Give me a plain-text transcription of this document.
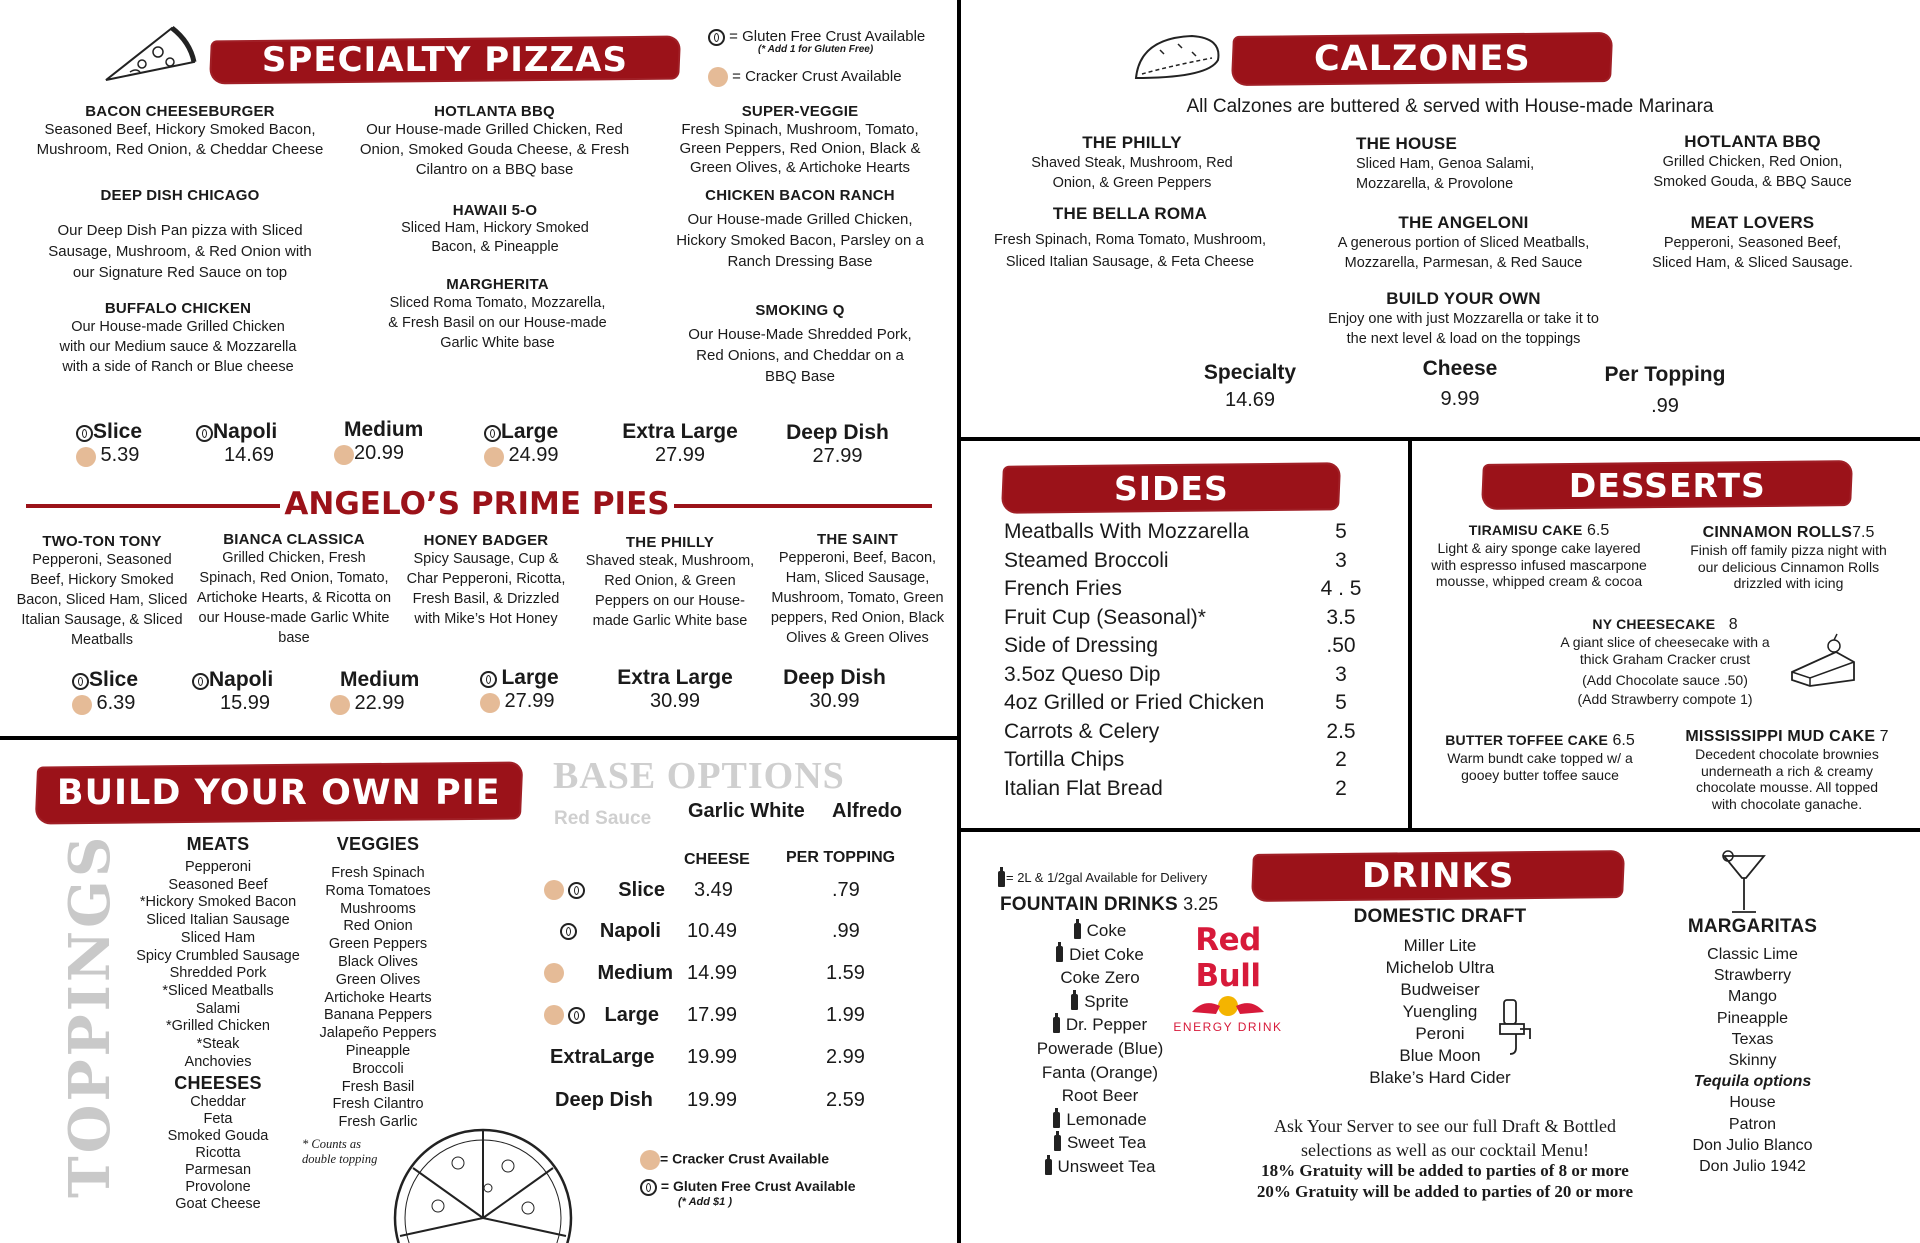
SPECIALTY PIZZAS
= Gluten Free Crust Available
(* Add 1 for Gluten Free)
= Cracker Crust Available
BACON CHEESEBURGER
Seasoned Beef, Hickory Smoked Bacon, Mushroom, Red Onion, & Cheddar Cheese
DEEP DISH CHICAGO
Our Deep Dish Pan pizza with Sliced Sausage, Mushroom, & Red Onion with our Signature Red Sauce on top
BUFFALO CHICKEN
Our House-made Grilled Chicken with our Medium sauce & Mozzarella with a side of Ranch or Blue cheese
HOTLANTA BBQ
Our House-made Grilled Chicken, Red Onion, Smoked Gouda Cheese, & Fresh Cilantro on a BBQ base
HAWAII 5-O
Sliced Ham, Hickory Smoked Bacon, & Pineapple
MARGHERITA
Sliced Roma Tomato, Mozzarella, & Fresh Basil on our House-made Garlic White base
SUPER-VEGGIE
Fresh Spinach, Mushroom, Tomato, Green Peppers, Red Onion, Black & Green Olives, & Artichoke Hearts
CHICKEN BACON RANCH
Our House-made Grilled Chicken, Hickory Smoked Bacon, Parsley on a Ranch Dressing Base
SMOKING Q
Our House-Made Shredded Pork, Red Onions, and Cheddar on a BBQ Base
Slice
5.39
Napoli
14.69
Medium
20.99
Large
24.99
Extra Large
27.99
Deep Dish
27.99
ANGELO’S PRIME PIES
TWO-TON TONY
Pepperoni, Seasoned Beef, Hickory Smoked Bacon, Sliced Ham, Sliced Italian Sausage, & Sliced Meatballs
BIANCA CLASSICA
Grilled Chicken, Fresh Spinach, Red Onion, Tomato, Artichoke Hearts, & Ricotta on our House-made Garlic White base
HONEY BADGER
Spicy Sausage, Cup & Char Pepperoni, Ricotta, Fresh Basil, & Drizzled with Mike’s Hot Honey
THE PHILLY
Shaved steak, Mushroom, Red Onion, & Green Peppers on our House-made Garlic White base
THE SAINT
Pepperoni, Beef, Bacon, Ham, Sliced Sausage, Mushroom, Tomato, Green peppers, Red Onion, Black Olives & Green Olives
Slice
6.39
Napoli
15.99
Medium
22.99
Large
27.99
Extra Large
30.99
Deep Dish
30.99
BUILD YOUR OWN PIE
TOPPINGS	MEATS
Pepperoni
Seasoned Beef
*Hickory Smoked Bacon
Sliced Italian Sausage
Sliced Ham
Spicy Crumbled Sausage
Shredded Pork
*Sliced Meatballs
Salami
*Grilled Chicken
*Steak
Anchovies
CHEESES
Cheddar
Feta
Smoked Gouda
Ricotta
Parmesan
Provolone
Goat Cheese
VEGGIES
Fresh Spinach
Roma Tomatoes
Mushrooms
Red Onion
Green Peppers
Black Olives
Green Olives
Artichoke Hearts
Banana Peppers
Jalapeño Peppers
Pineapple
Broccoli
Fresh Basil
Fresh Cilantro
Fresh Garlic
* Counts as double topping
BASE OPTIONS
Red Sauce Garlic White Alfredo
CHEESE PER TOPPING
Slice 3.49	.79
Napoli 10.49	.99
Medium 14.99	1.59
Large 17.99	1.99
ExtraLarge 19.99	2.99
Deep Dish 19.99	2.59
= Cracker Crust Available
= Gluten Free Crust Available
(* Add $1 )
CALZONES
All Calzones are buttered & served with House-made Marinara
THE PHILLY
Shaved Steak, Mushroom, Red Onion, & Green Peppers
THE BELLA ROMA
Fresh Spinach, Roma Tomato, Mushroom, Sliced Italian Sausage, & Feta Cheese
THE HOUSE
Sliced Ham, Genoa Salami, Mozzarella, & Provolone
THE ANGELONI
A generous portion of Sliced Meatballs, Mozzarella, Parmesan, & Red Sauce
BUILD YOUR OWN
Enjoy one with just Mozzarella or take it to the next level & load on the toppings
HOTLANTA BBQ
Grilled Chicken, Red Onion, Smoked Gouda, & BBQ Sauce
MEAT LOVERS
Pepperoni, Seasoned Beef, Sliced Ham, & Sliced Sausage.
Specialty
14.69
Cheese
9.99
Per Topping
.99
SIDES
Meatballs With Mozzarella	5
Steamed Broccoli	3
French Fries	4 . 5
Fruit Cup (Seasonal)*	3.5
Side of Dressing	.50
3.5oz Queso Dip	3
4oz Grilled or Fried Chicken	5
Carrots & Celery	2.5
Tortilla Chips	2
Italian Flat Bread	2
DESSERTS
TIRAMISU CAKE 6.5
Light & airy sponge cake layered with espresso infused mascarpone mousse, whipped cream & cocoa
CINNAMON ROLLS7.5
Finish off family pizza night with our delicious Cinnamon Rolls drizzled with icing
NY CHEESECAKE 8
A giant slice of cheesecake with a thick Graham Cracker crust
(Add Chocolate sauce .50)
(Add Strawberry compote 1)
BUTTER TOFFEE CAKE 6.5
Warm bundt cake topped w/ a gooey butter toffee sauce
MISSISSIPPI MUD CAKE 7
Decedent chocolate brownies underneath a rich & creamy chocolate mousse. All topped with chocolate ganache.
DRINKS
= 2L & 1/2gal Available for Delivery
FOUNTAIN DRINKS 3.25
Coke
Diet Coke
Coke Zero
Sprite
Dr. Pepper
Powerade (Blue)
Fanta (Orange)
Root Beer
Lemonade
Sweet Tea
Unsweet Tea
Red Bull
ENERGY DRINK
DOMESTIC DRAFT
Miller Lite
Michelob Ultra
Budweiser
Yuengling
Peroni
Blue Moon
Blake’s Hard Cider
MARGARITAS
Classic Lime
Strawberry
Mango
Pineapple
Texas
Skinny
Tequila options
House
Patron
Don Julio Blanco
Don Julio 1942
Ask Your Server to see our full Draft & Bottled
selections as well as our cocktail Menu!
18% Gratuity will be added to parties of 8 or more
20% Gratuity will be added to parties of 20 or more
